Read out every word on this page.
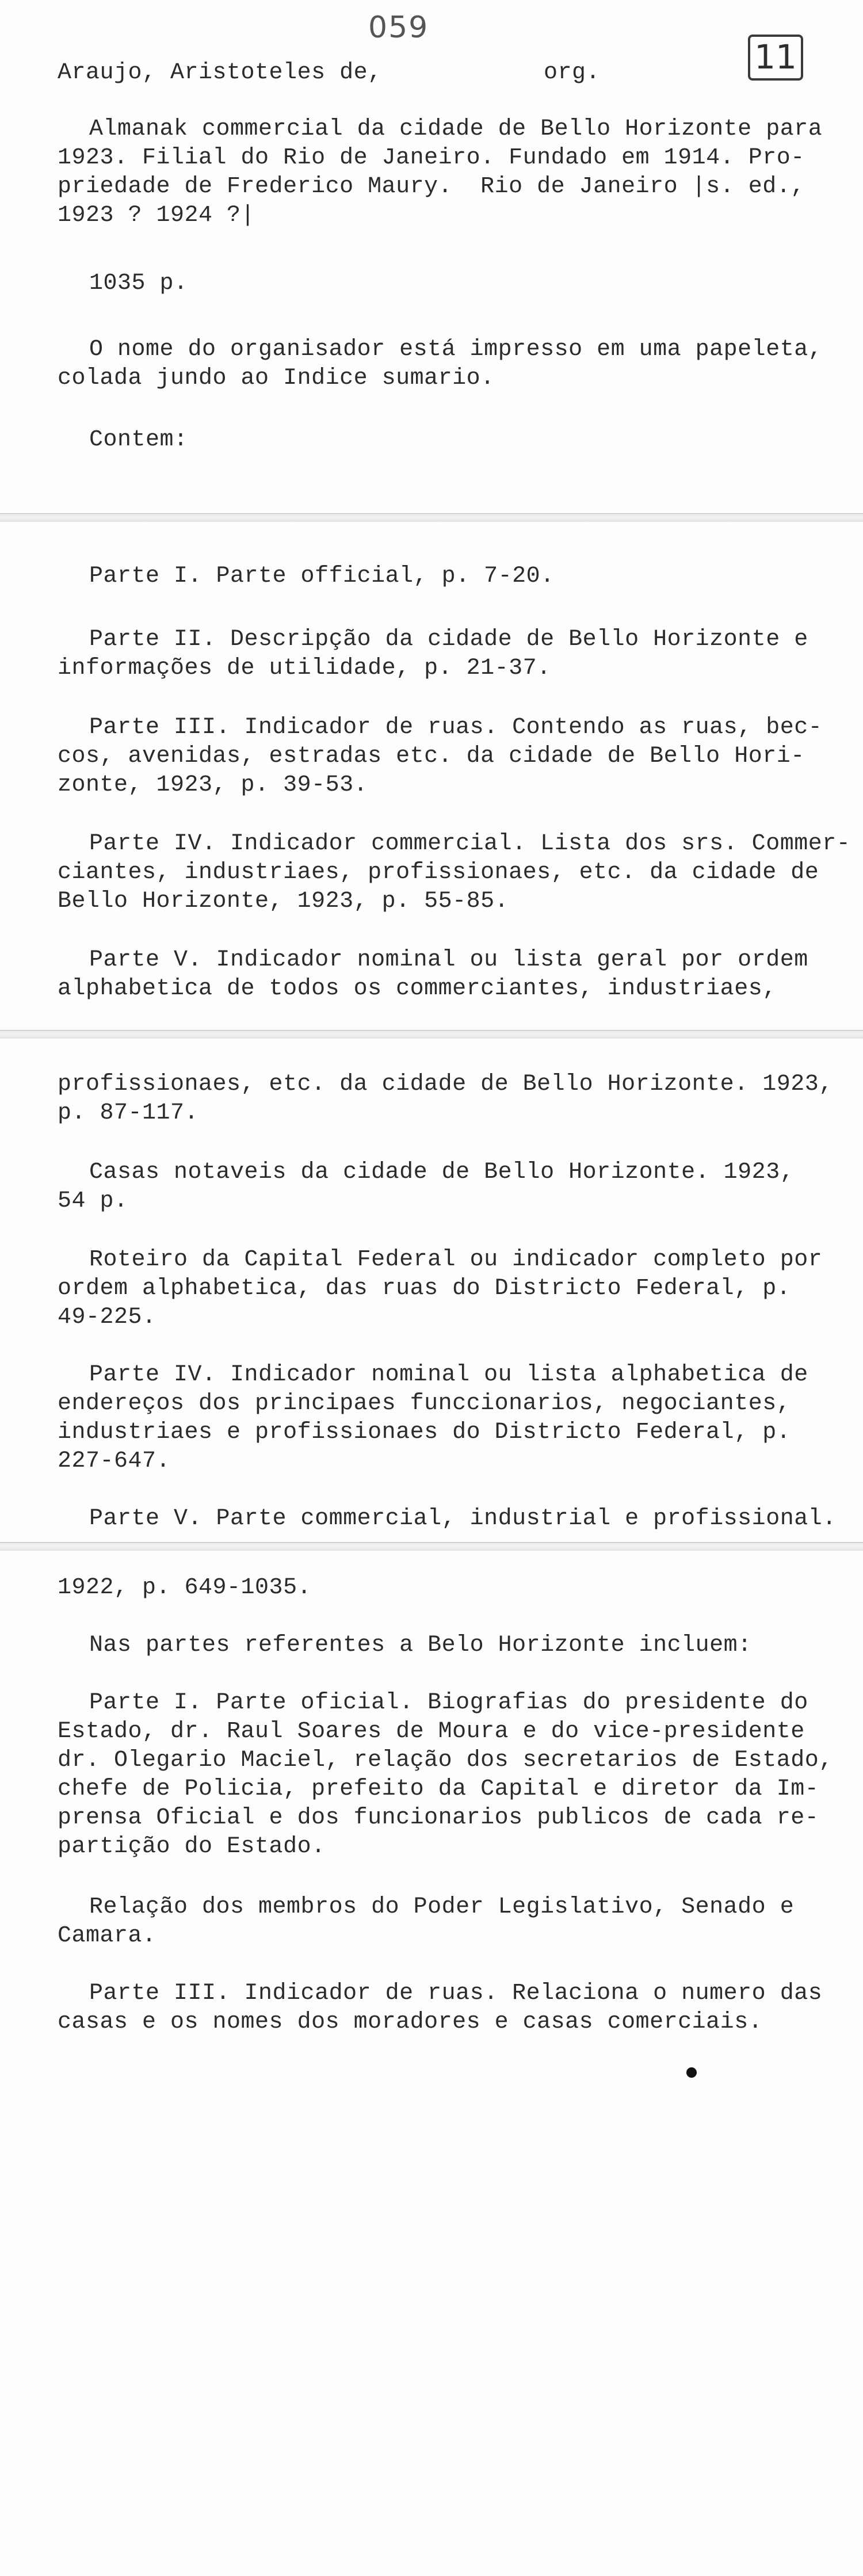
059
11
Araujo, Aristoteles de,	org.
Almanak commercial da cidade de Bello Horizonte para
1923. Filial do Rio de Janeiro. Fundado em 1914. Pro-
priedade de Frederico Maury.  Rio de Janeiro |s. ed.,
1923 ? 1924 ?|
1035 p.
O nome do organisador está impresso em uma papeleta,
colada jundo ao Indice sumario.
Contem:
Parte I. Parte official, p. 7-20.
Parte II. Descripção da cidade de Bello Horizonte e
informações de utilidade, p. 21-37.
Parte III. Indicador de ruas. Contendo as ruas, bec-
cos, avenidas, estradas etc. da cidade de Bello Hori-
zonte, 1923, p. 39-53.
Parte IV. Indicador commercial. Lista dos srs. Commer-
ciantes, industriaes, profissionaes, etc. da cidade de
Bello Horizonte, 1923, p. 55-85.
Parte V. Indicador nominal ou lista geral por ordem
alphabetica de todos os commerciantes, industriaes,
profissionaes, etc. da cidade de Bello Horizonte. 1923,
p. 87-117.
Casas notaveis da cidade de Bello Horizonte. 1923,
54 p.
Roteiro da Capital Federal ou indicador completo por
ordem alphabetica, das ruas do Districto Federal, p.
49-225.
Parte IV. Indicador nominal ou lista alphabetica de
endereços dos principaes funccionarios, negociantes,
industriaes e profissionaes do Districto Federal, p.
227-647.
Parte V. Parte commercial, industrial e profissional.
1922, p. 649-1035.
Nas partes referentes a Belo Horizonte incluem:
Parte I. Parte oficial. Biografias do presidente do
Estado, dr. Raul Soares de Moura e do vice-presidente
dr. Olegario Maciel, relação dos secretarios de Estado,
chefe de Policia, prefeito da Capital e diretor da Im-
prensa Oficial e dos funcionarios publicos de cada re-
partição do Estado.
Relação dos membros do Poder Legislativo, Senado e
Camara.
Parte III. Indicador de ruas. Relaciona o numero das
casas e os nomes dos moradores e casas comerciais.
